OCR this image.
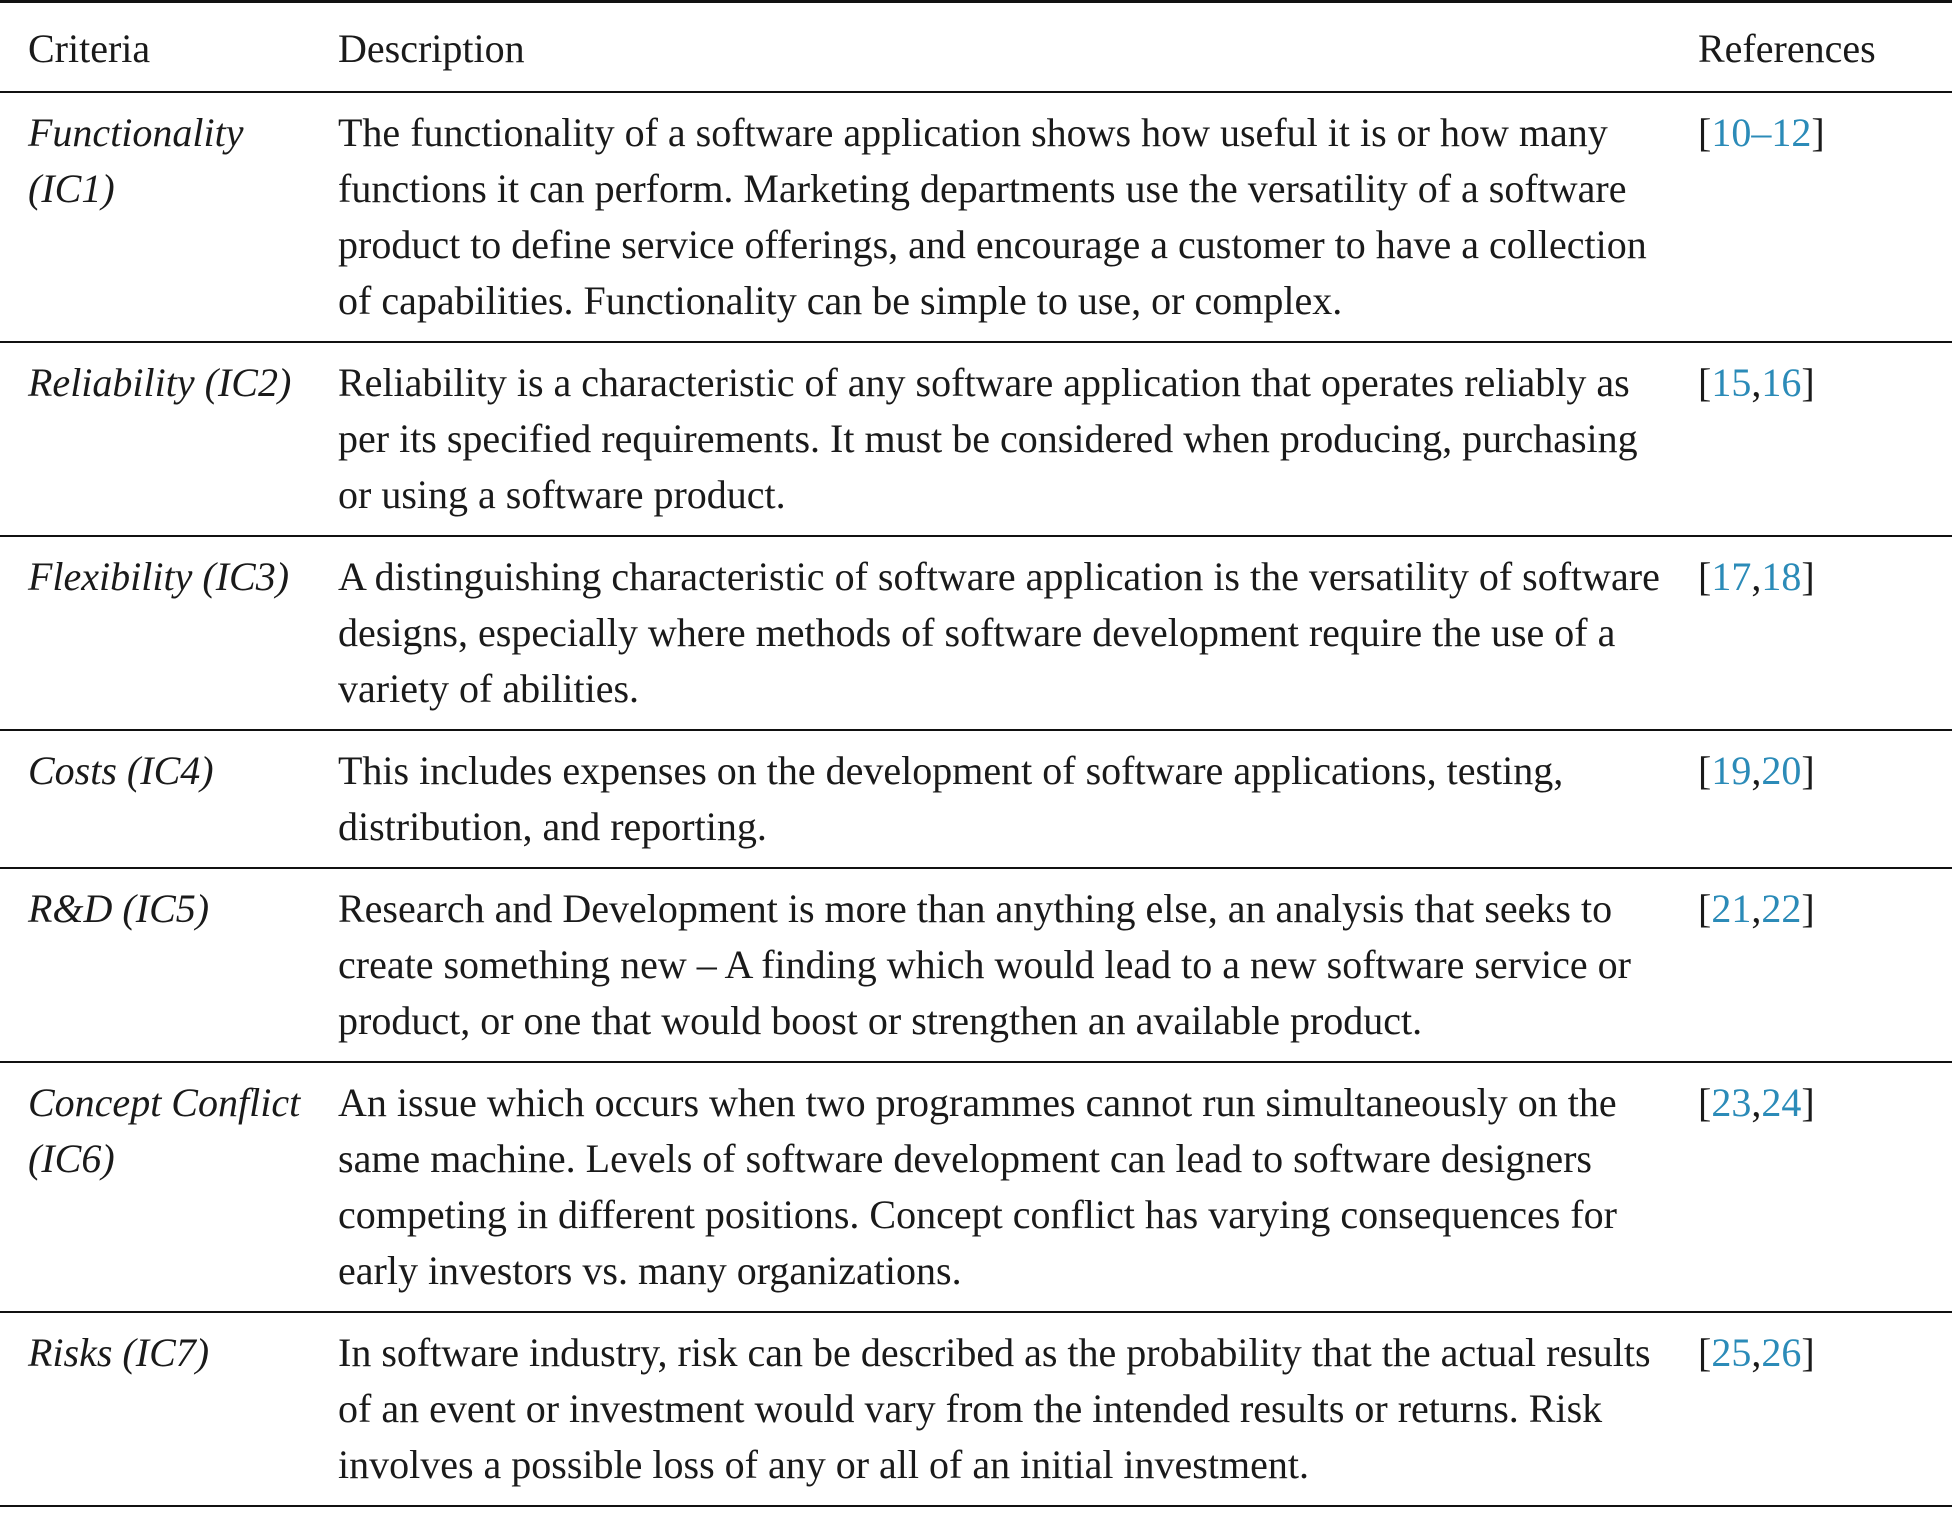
Criteria	Description	References
Functionality (IC1)	The functionality of a software application shows how useful it is or how many functions it can perform. Marketing departments use the versatility of a software product to define service offerings, and encourage a customer to have a collection of capabilities. Functionality can be simple to use, or complex.	[10–12]
Reliability (IC2)	Reliability is a characteristic of any software application that operates reliably as per its specified requirements. It must be considered when producing, purchasing or using a software product.	[15,16]
Flexibility (IC3)	A distinguishing characteristic of software application is the versatility of software designs, especially where methods of software development require the use of a variety of abilities.	[17,18]
Costs (IC4)	This includes expenses on the development of software applications, testing, distribution, and reporting.	[19,20]
R&D (IC5)	Research and Development is more than anything else, an analysis that seeks to create something new – A finding which would lead to a new software service or product, or one that would boost or strengthen an available product.	[21,22]
Concept Conflict (IC6)	An issue which occurs when two programmes cannot run simultaneously on the same machine. Levels of software development can lead to software designers competing in different positions. Concept conflict has varying consequences for early investors vs. many organizations.	[23,24]
Risks (IC7)	In software industry, risk can be described as the probability that the actual results of an event or investment would vary from the intended results or returns. Risk involves a possible loss of any or all of an initial investment.	[25,26]
